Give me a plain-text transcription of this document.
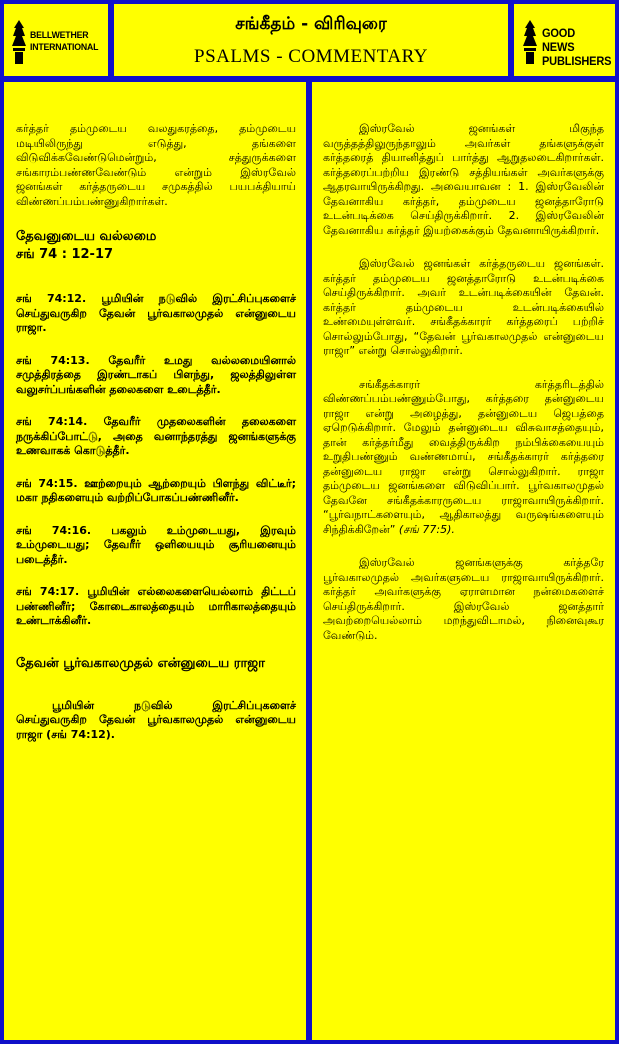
BELLWETHER
INTERNATIONAL
சங்கீதம் - விரிவுரை
PSALMS - COMMENTARY
GOOD NEWS
PUBLISHERS

கர்த்தர் தம்முடைய வலதுகரத்தை, தம்முடைய மடியிலிருந்து எடுத்து, தங்களை விடுவிக்கவேண்டுமென்றும், சத்துருக்களை சங்காரம்பண்ணவேண்டும் என்றும் இஸ்ரவேல் ஜனங்கள் கர்த்தருடைய சமுகத்தில் பயபக்தியாய் விண்ணப்பம்பண்ணுகிறார்கள்.

தேவனுடைய வல்லமை
சங் 74 : 12-17

சங் 74:12. பூமியின் நடுவில் இரட்சிப்புகளைச் செய்துவருகிற தேவன் பூர்வகாலமுதல் என்னுடைய ராஜா.

சங் 74:13. தேவரீர் உமது வல்லமையினால் சமுத்திரத்தை இரண்டாகப் பிளந்து, ஜலத்திலுள்ள வலுசர்ப்பங்களின் தலைகளை உடைத்தீர்.

சங் 74:14. தேவரீர் முதலைகளின் தலைகளை நருக்கிப்போட்டு, அதை வனாந்தரத்து ஜனங்களுக்கு உணவாகக் கொடுத்தீர்.

சங் 74:15. ஊற்றையும் ஆற்றையும் பிளந்து விட்டீர்; மகா நதிகளையும் வற்றிப்போகப்பண்ணினீர்.

சங் 74:16. பகலும் உம்முடையது, இரவும் உம்முடையது; தேவரீர் ஒளியையும் சூரியனையும் படைத்தீர்.

சங் 74:17. பூமியின் எல்லைகளையெல்லாம் திட்டப் பண்ணினீர்; கோடைகாலத்தையும் மாரிகாலத்தையும் உண்டாக்கினீர்.

தேவன் பூர்வகாலமுதல் என்னுடைய ராஜா

பூமியின் நடுவில் இரட்சிப்புகளைச் செய்துவருகிற தேவன் பூர்வகாலமுதல் என்னுடைய ராஜா (சங் 74:12).

இஸ்ரவேல் ஜனங்கள் மிகுந்த வருத்தத்திலுருந்தாலும் அவர்கள் தங்களுக்குள் கர்த்தரைத் தியானித்துப் பார்த்து ஆறுதலடைகிறார்கள். கர்த்தரைப்பற்றிய இரண்டு சத்தியங்கள் அவர்களுக்கு ஆதரவாயிருக்கிறது. அவையாவன : 1. இஸ்ரவேலின் தேவனாகிய கர்த்தர், தம்முடைய ஜனத்தாரோடு உடன்படிக்கை செய்திருக்கிறார். 2. இஸ்ரவேலின் தேவனாகிய கர்த்தர் இயற்கைக்கும் தேவனாயிருக்கிறார்.

இஸ்ரவேல் ஜனங்கள் கர்த்தருடைய ஜனங்கள். கர்த்தர் தம்முடைய ஜனத்தாரோடு உடன்படிக்கை செய்திருக்கிறார். அவர் உடன்படிக்கையின் தேவன். கர்த்தர் தம்முடைய உடன்படிக்கையில் உண்மையுள்ளவர். சங்கீதக்காரர் கர்த்தரைப் பற்றிச் சொல்லும்போது, “தேவன் பூர்வகாலமுதல் என்னுடைய ராஜா” என்று சொல்லுகிறார்.

சங்கீதக்காரர் கர்த்தரிடத்தில் விண்ணப்பம்பண்ணும்போது, கர்த்தரை தன்னுடைய ராஜா என்று அழைத்து, தன்னுடைய ஜெபத்தை ஏறெடுக்கிறார். மேலும் தன்னுடைய விசுவாசத்தையும், தான் கர்த்தர்மீது வைத்திருக்கிற நம்பிக்கையையும் உறுதிபண்ணும் வண்ணமாய், சங்கீதக்காரர் கர்த்தரை தன்னுடைய ராஜா என்று சொல்லுகிறார். ராஜா தம்முடைய ஜனங்களை விடுவிப்பார். பூர்வகாலமுதல் தேவனே சங்கீதக்காரருடைய ராஜாவாயிருக்கிறார். “பூர்வநாட்களையும், ஆதிகாலத்து வருஷங்களையும் சிந்திக்கிறேன்” (சங் 77:5).

இஸ்ரவேல் ஜனங்களுக்கு கர்த்தரே பூர்வகாலமுதல் அவர்களுடைய ராஜாவாயிருக்கிறார். கர்த்தர் அவர்களுக்கு ஏராளமான நன்மைகளைச் செய்திருக்கிறார். இஸ்ரவேல் ஜனத்தார் அவற்றையெல்லாம் மறந்துவிடாமல், நினைவுகூர வேண்டும்.
